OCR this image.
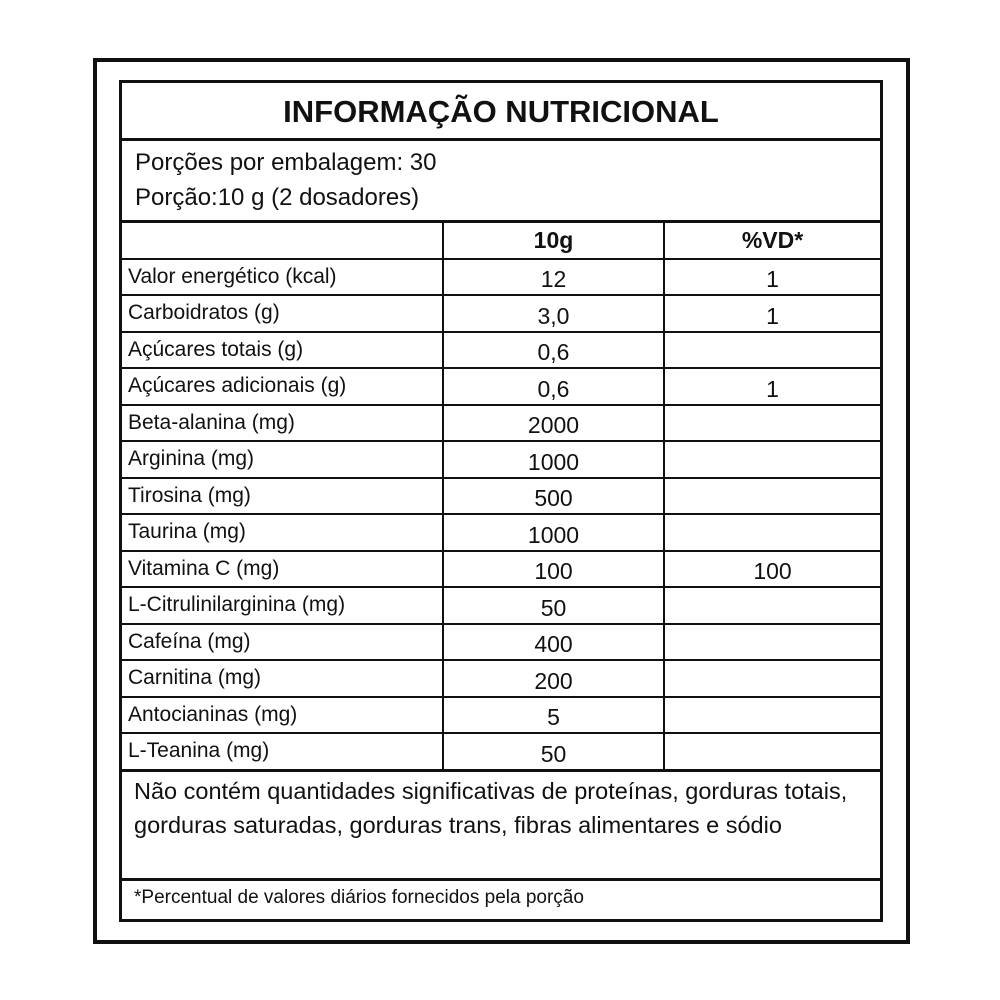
INFORMAÇÃO NUTRICIONAL
Porções por embalagem: 30
Porção:10 g (2 dosadores)
	10g	%VD*
Valor energético (kcal)	12	1
Carboidratos (g)	3,0	1
Açúcares totais (g)	0,6	
Açúcares adicionais (g)	0,6	1
Beta-alanina (mg)	2000	
Arginina (mg)	1000	
Tirosina (mg)	500	
Taurina (mg)	1000	
Vitamina C (mg)	100	100
L-Citrulinilarginina (mg)	50	
Cafeína (mg)	400	
Carnitina (mg)	200	
Antocianinas (mg)	5	
L-Teanina (mg)	50	

Não contém quantidades significativas de proteínas, gorduras totais, gorduras saturadas, gorduras trans, fibras alimentares e sódio

*Percentual de valores diários fornecidos pela porção
